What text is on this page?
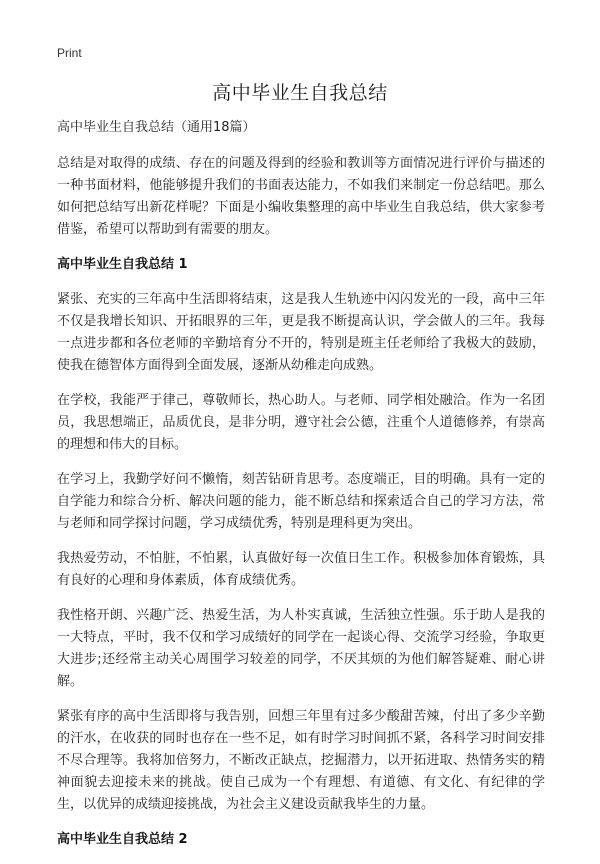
Print

高中毕业生自我总结

高中毕业生自我总结（通用18篇）

总结是对取得的成绩、存在的问题及得到的经验和教训等方面情况进行评价与描述的一种书面材料，他能够提升我们的书面表达能力，不如我们来制定一份总结吧。那么如何把总结写出新花样呢？下面是小编收集整理的高中毕业生自我总结，供大家参考借鉴，希望可以帮助到有需要的朋友。

高中毕业生自我总结 1

紧张、充实的三年高中生活即将结束，这是我人生轨迹中闪闪发光的一段，高中三年不仅是我增长知识、开拓眼界的三年，更是我不断提高认识，学会做人的三年。我每一点进步都和各位老师的辛勤培育分不开的，特别是班主任老师给了我极大的鼓励，使我在德智体方面得到全面发展，逐渐从幼稚走向成熟。

在学校，我能严于律己，尊敬师长，热心助人。与老师、同学相处融洽。作为一名团员，我思想端正，品质优良，是非分明，遵守社会公德，注重个人道德修养，有崇高的理想和伟大的目标。

在学习上，我勤学好问不懒惰，刻苦钻研肯思考。态度端正，目的明确。具有一定的自学能力和综合分析、解决问题的能力，能不断总结和探索适合自己的学习方法，常与老师和同学探讨问题，学习成绩优秀，特别是理科更为突出。

我热爱劳动，不怕脏，不怕累，认真做好每一次值日生工作。积极参加体育锻炼，具有良好的心理和身体素质，体育成绩优秀。

我性格开朗、兴趣广泛、热爱生活，为人朴实真诚，生活独立性强。乐于助人是我的一大特点，平时，我不仅和学习成绩好的同学在一起谈心得、交流学习经验，争取更大进步;还经常主动关心周围学习较差的同学，不厌其烦的为他们解答疑难、耐心讲解。

紧张有序的高中生活即将与我告别，回想三年里有过多少酸甜苦辣，付出了多少辛勤的汗水，在收获的同时也存在一些不足，如有时学习时间抓不紧，各科学习时间安排不尽合理等。我将加倍努力，不断改正缺点，挖掘潜力，以开拓进取、热情务实的精神面貌去迎接未来的挑战。使自己成为一个有理想、有道德、有文化、有纪律的学生，以优异的成绩迎接挑战，为社会主义建设贡献我毕生的力量。

高中毕业生自我总结 2
